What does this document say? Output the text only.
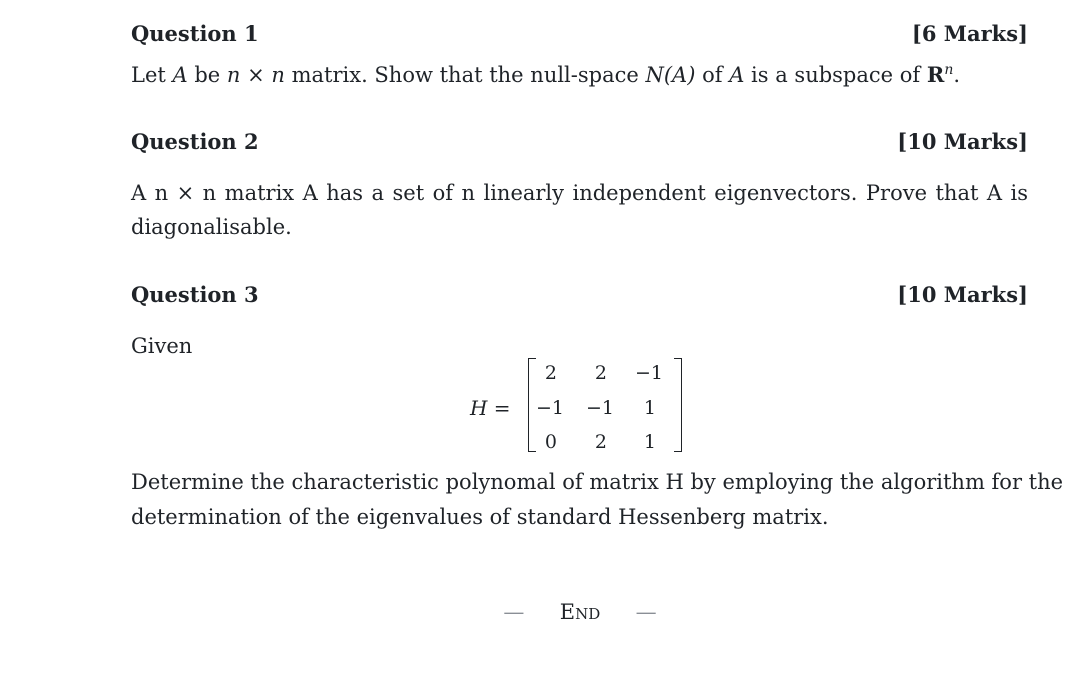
Question 1	[6 Marks]
Let A be n × n matrix. Show that the null-space N(A) of A is a subspace of $R^n$.
Question 2	[10 Marks]
A n × n matrix A has a set of n linearly independent eigenvectors. Prove that A is
diagonalisable.
Question 3	[10 Marks]
Given
H =
2	2	−1
−1	−1	1
0	2	1
Determine the characteristic polynomal of matrix H by employing the algorithm for the
determination of the eigenvalues of standard Hessenberg matrix.
— End —
